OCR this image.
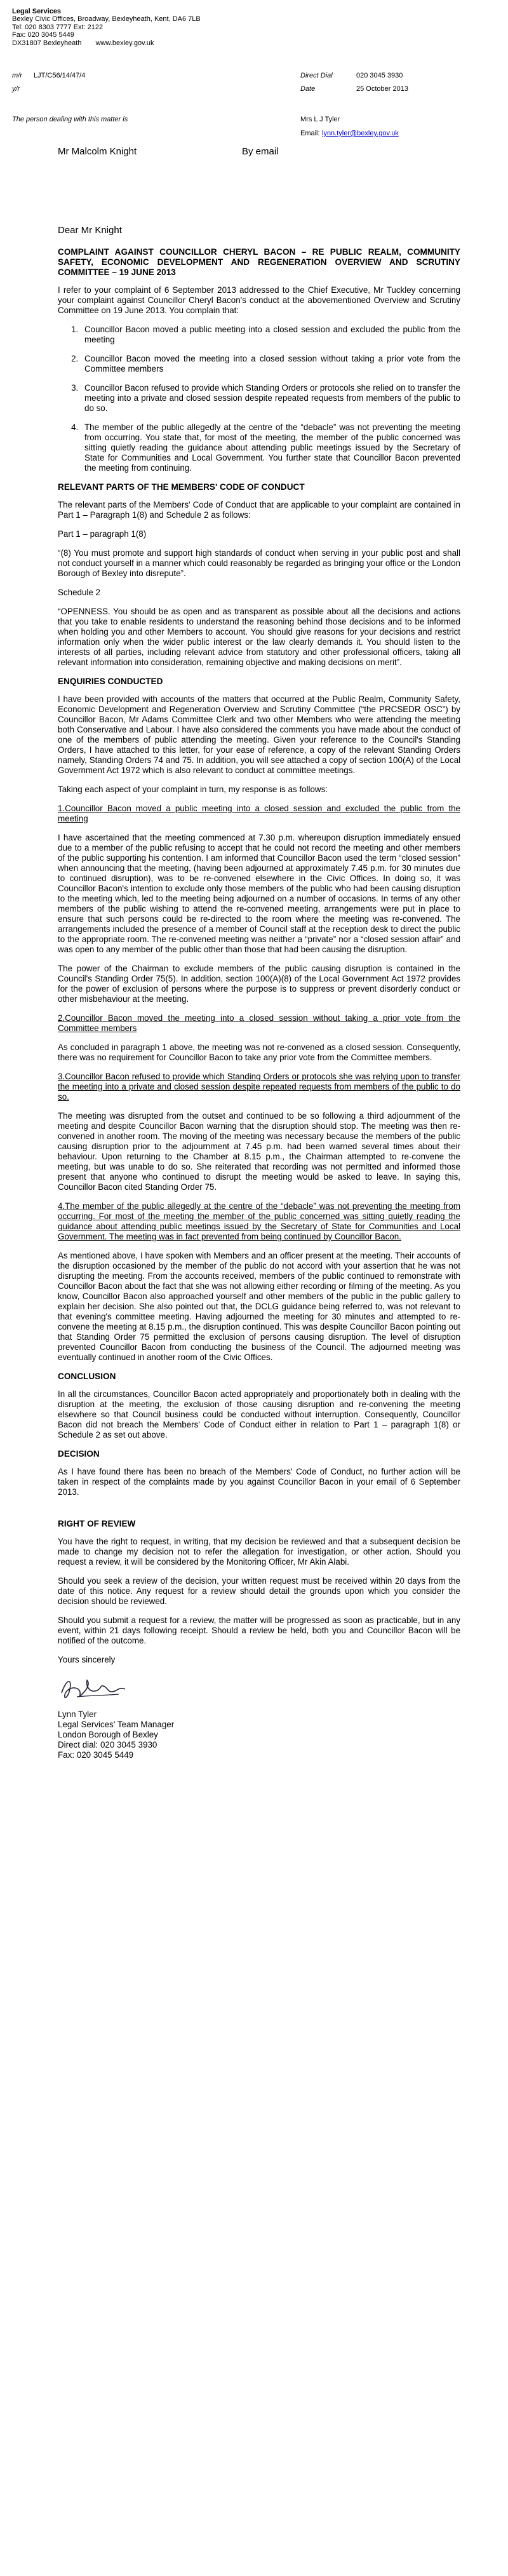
Legal Services
Bexley Civic Offices, Broadway, Bexleyheath, Kent, DA6 7LB
Tel: 020 8303 7777 Ext: 2122
Fax: 020 3045 5449
DX31807 Bexleyheath www.bexley.gov.uk
m/r LJT/C56/14/47/4	Direct Dial	020 3045 3930
y/r	Date	25 October 2013
The person dealing with this matter is	Mrs L J Tyler
Email: lynn.tyler@bexley.gov.uk
Mr Malcolm Knight	By email

Dear Mr Knight

COMPLAINT AGAINST COUNCILLOR CHERYL BACON – RE PUBLIC REALM, COMMUNITY SAFETY, ECONOMIC DEVELOPMENT AND REGENERATION OVERVIEW AND SCRUTINY COMMITTEE – 19 JUNE 2013

I refer to your complaint of 6 September 2013 addressed to the Chief Executive, Mr Tuckley concerning your complaint against Councillor Cheryl Bacon's conduct at the abovementioned Overview and Scrutiny Committee on 19 June 2013. You complain that:

1. Councillor Bacon moved a public meeting into a closed session and excluded the public from the meeting
2. Councillor Bacon moved the meeting into a closed session without taking a prior vote from the Committee members
3. Councillor Bacon refused to provide which Standing Orders or protocols she relied on to transfer the meeting into a private and closed session despite repeated requests from members of the public to do so.
4. The member of the public allegedly at the centre of the “debacle” was not preventing the meeting from occurring. You state that, for most of the meeting, the member of the public concerned was sitting quietly reading the guidance about attending public meetings issued by the Secretary of State for Communities and Local Government. You further state that Councillor Bacon prevented the meeting from continuing.
RELEVANT PARTS OF THE MEMBERS' CODE OF CONDUCT

The relevant parts of the Members' Code of Conduct that are applicable to your complaint are contained in Part 1 – Paragraph 1(8) and Schedule 2 as follows:

Part 1 – paragraph 1(8)

“(8) You must promote and support high standards of conduct when serving in your public post and shall not conduct yourself in a manner which could reasonably be regarded as bringing your office or the London Borough of Bexley into disrepute”.

Schedule 2

“OPENNESS. You should be as open and as transparent as possible about all the decisions and actions that you take to enable residents to understand the reasoning behind those decisions and to be informed when holding you and other Members to account. You should give reasons for your decisions and restrict information only when the wider public interest or the law clearly demands it. You should listen to the interests of all parties, including relevant advice from statutory and other professional officers, taking all relevant information into consideration, remaining objective and making decisions on merit”.

ENQUIRIES CONDUCTED

I have been provided with accounts of the matters that occurred at the Public Realm, Community Safety, Economic Development and Regeneration Overview and Scrutiny Committee (“the PRCSEDR OSC”) by Councillor Bacon, Mr Adams Committee Clerk and two other Members who were attending the meeting both Conservative and Labour. I have also considered the comments you have made about the conduct of one of the members of public attending the meeting. Given your reference to the Council's Standing Orders, I have attached to this letter, for your ease of reference, a copy of the relevant Standing Orders namely, Standing Orders 74 and 75. In addition, you will see attached a copy of section 100(A) of the Local Government Act 1972 which is also relevant to conduct at committee meetings.

Taking each aspect of your complaint in turn, my response is as follows:

1.Councillor Bacon moved a public meeting into a closed session and excluded the public from the meeting

I have ascertained that the meeting commenced at 7.30 p.m. whereupon disruption immediately ensued due to a member of the public refusing to accept that he could not record the meeting and other members of the public supporting his contention. I am informed that Councillor Bacon used the term “closed session” when announcing that the meeting, (having been adjourned at approximately 7.45 p.m. for 30 minutes due to continued disruption), was to be re-convened elsewhere in the Civic Offices. In doing so, it was Councillor Bacon's intention to exclude only those members of the public who had been causing disruption to the meeting which, led to the meeting being adjourned on a number of occasions. In terms of any other members of the public wishing to attend the re-convened meeting, arrangements were put in place to ensure that such persons could be re-directed to the room where the meeting was re-convened. The arrangements included the presence of a member of Council staff at the reception desk to direct the public to the appropriate room. The re-convened meeting was neither a “private” nor a “closed session affair” and was open to any member of the public other than those that had been causing the disruption.

The power of the Chairman to exclude members of the public causing disruption is contained in the Council's Standing Order 75(5). In addition, section 100(A)(8) of the Local Government Act 1972 provides for the power of exclusion of persons where the purpose is to suppress or prevent disorderly conduct or other misbehaviour at the meeting.

2.Councillor Bacon moved the meeting into a closed session without taking a prior vote from the Committee members

As concluded in paragraph 1 above, the meeting was not re-convened as a closed session. Consequently, there was no requirement for Councillor Bacon to take any prior vote from the Committee members.

3.Councillor Bacon refused to provide which Standing Orders or protocols she was relying upon to transfer the meeting into a private and closed session despite repeated requests from members of the public to do so.

The meeting was disrupted from the outset and continued to be so following a third adjournment of the meeting and despite Councillor Bacon warning that the disruption should stop. The meeting was then re-convened in another room. The moving of the meeting was necessary because the members of the public causing disruption prior to the adjournment at 7.45 p.m. had been warned several times about their behaviour. Upon returning to the Chamber at 8.15 p.m., the Chairman attempted to re-convene the meeting, but was unable to do so. She reiterated that recording was not permitted and informed those present that anyone who continued to disrupt the meeting would be asked to leave. In saying this, Councillor Bacon cited Standing Order 75.

4.The member of the public allegedly at the centre of the “debacle” was not preventing the meeting from occurring. For most of the meeting the member of the public concerned was sitting quietly reading the guidance about attending public meetings issued by the Secretary of State for Communities and Local Government. The meeting was in fact prevented from being continued by Councillor Bacon.

As mentioned above, I have spoken with Members and an officer present at the meeting. Their accounts of the disruption occasioned by the member of the public do not accord with your assertion that he was not disrupting the meeting. From the accounts received, members of the public continued to remonstrate with Councillor Bacon about the fact that she was not allowing either recording or filming of the meeting. As you know, Councillor Bacon also approached yourself and other members of the public in the public gallery to explain her decision. She also pointed out that, the DCLG guidance being referred to, was not relevant to that evening's committee meeting. Having adjourned the meeting for 30 minutes and attempted to re-convene the meeting at 8.15 p.m., the disruption continued. This was despite Councillor Bacon pointing out that Standing Order 75 permitted the exclusion of persons causing disruption. The level of disruption prevented Councillor Bacon from conducting the business of the Council. The adjourned meeting was eventually continued in another room of the Civic Offices.

CONCLUSION

In all the circumstances, Councillor Bacon acted appropriately and proportionately both in dealing with the disruption at the meeting, the exclusion of those causing disruption and re-convening the meeting elsewhere so that Council business could be conducted without interruption. Consequently, Councillor Bacon did not breach the Members' Code of Conduct either in relation to Part 1 – paragraph 1(8) or Schedule 2 as set out above.

DECISION

As I have found there has been no breach of the Members' Code of Conduct, no further action will be taken in respect of the complaints made by you against Councillor Bacon in your email of 6 September 2013.

RIGHT OF REVIEW

You have the right to request, in writing, that my decision be reviewed and that a subsequent decision be made to change my decision not to refer the allegation for investigation, or other action. Should you request a review, it will be considered by the Monitoring Officer, Mr Akin Alabi.

Should you seek a review of the decision, your written request must be received within 20 days from the date of this notice. Any request for a review should detail the grounds upon which you consider the decision should be reviewed.

Should you submit a request for a review, the matter will be progressed as soon as practicable, but in any event, within 21 days following receipt. Should a review be held, both you and Councillor Bacon will be notified of the outcome.

Yours sincerely

Lynn Tyler

Legal Services' Team Manager

London Borough of Bexley

Direct dial: 020 3045 3930

Fax: 020 3045 5449
